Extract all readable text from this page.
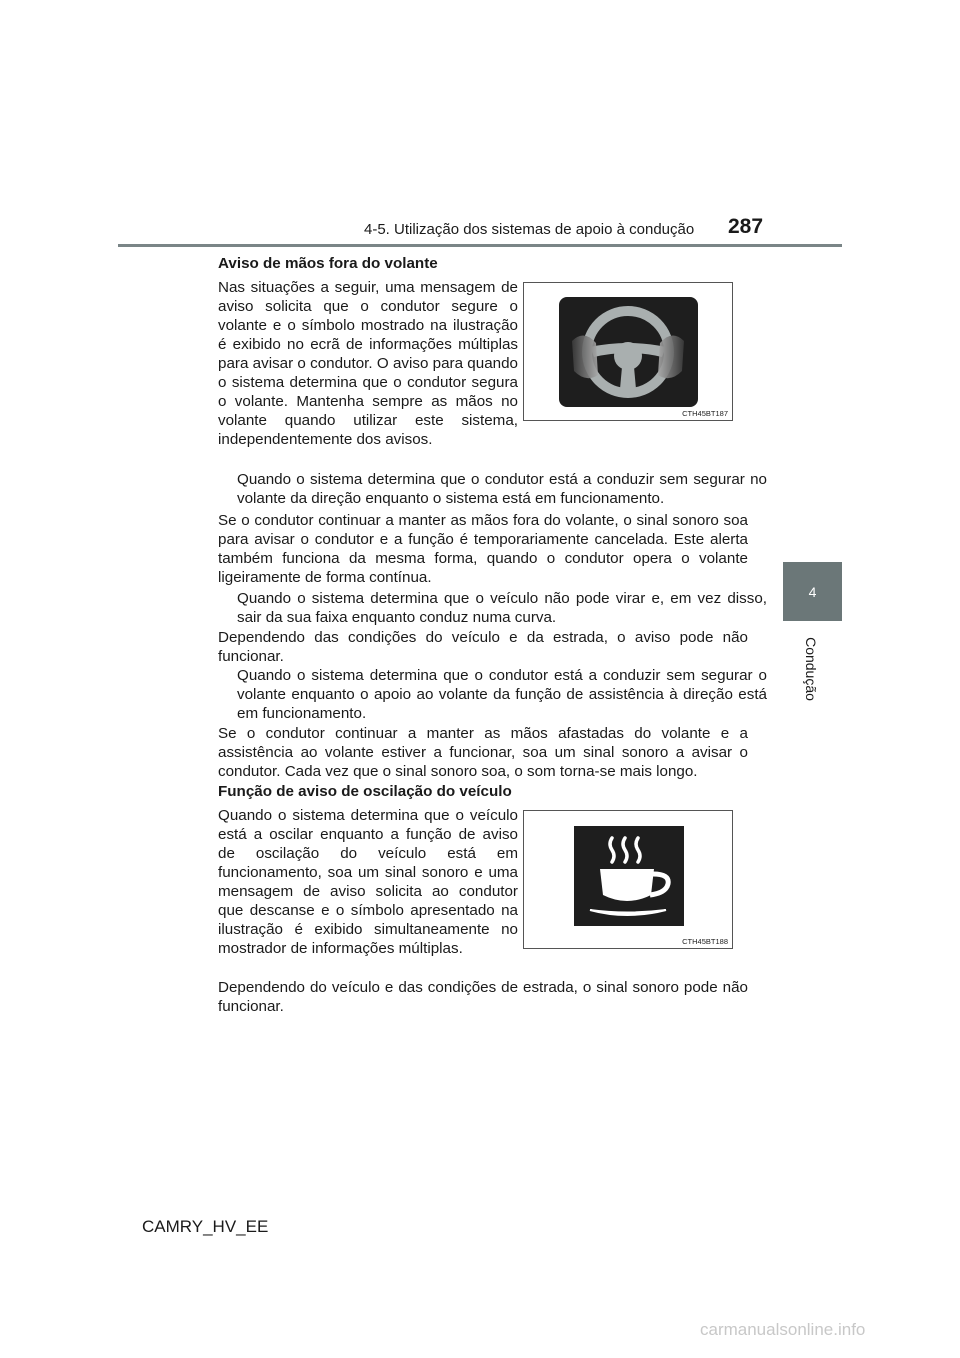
4-5. Utilização dos sistemas de apoio à condução	287
4
Condução
Aviso de mãos fora do volante
Nas situações a seguir, uma mensagem de aviso solicita que o condutor segure o volante e o símbolo mostrado na ilustração é exibido no ecrã de informações múltiplas para avisar o condutor. O aviso para quando o sistema determina que o condutor segura o volante. Mantenha sempre as mãos no volante quando utilizar este sistema, independentemente dos avisos.
CTH45BT187
Quando o sistema determina que o condutor está a conduzir sem segurar no volante da direção enquanto o sistema está em funcionamento.
Se o condutor continuar a manter as mãos fora do volante, o sinal sonoro soa para avisar o condutor e a função é temporariamente cancelada. Este alerta também funciona da mesma forma, quando o condutor opera o volante ligeiramente de forma contínua.
Quando o sistema determina que o veículo não pode virar e, em vez disso, sair da sua faixa enquanto conduz numa curva.
Dependendo das condições do veículo e da estrada, o aviso pode não funcionar.
Quando o sistema determina que o condutor está a conduzir sem segurar o volante enquanto o apoio ao volante da função de assistência à direção está em funcionamento.
Se o condutor continuar a manter as mãos afastadas do volante e a assistência ao volante estiver a funcionar, soa um sinal sonoro a avisar o condutor. Cada vez que o sinal sonoro soa, o som torna-se mais longo.
Função de aviso de oscilação do veículo
Quando o sistema determina que o veículo está a oscilar enquanto a função de aviso de oscilação do veículo está em funcionamento, soa um sinal sonoro e uma mensagem de aviso solicita ao condutor que descanse e o símbolo apresentado na ilustração é exibido simultaneamente no mostrador de informações múltiplas.	CTH45BT188
Dependendo do veículo e das condições de estrada, o sinal sonoro pode não funcionar.
CAMRY_HV_EE
carmanualsonline.info
